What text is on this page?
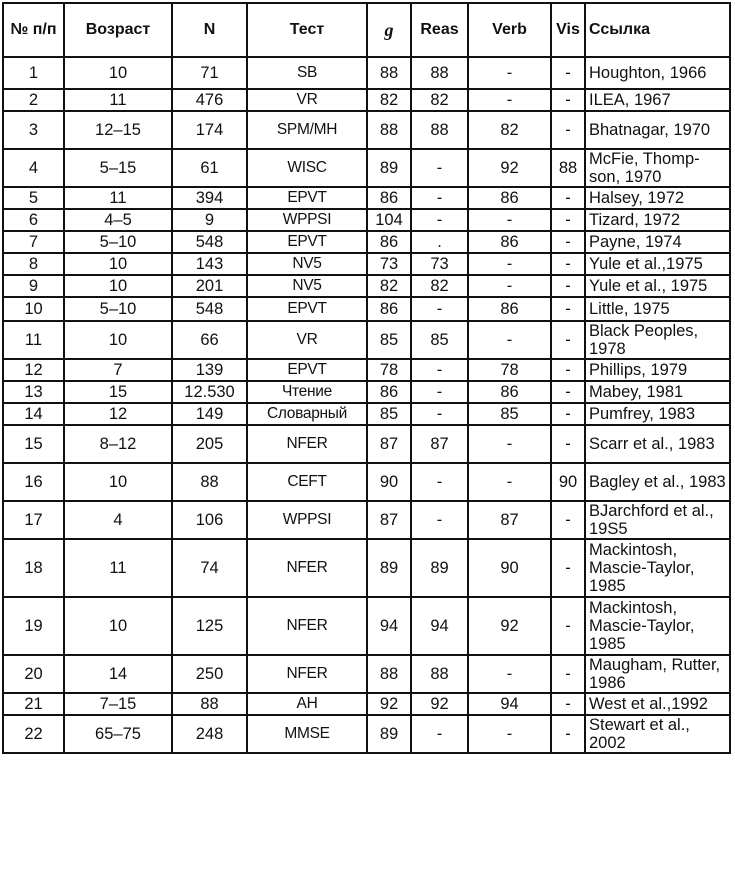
№ п/п	Возраст	N	Тест	g	Reas	Verb	Vis	Ссылка
1	10	71	SB	88	88	-	-	Houghton, 1966
2	11	476	VR	82	82	-	-	ILEA, 1967
3	12–15	174	SPM/MH	88	88	82	-	Bhatnagar, 1970
4	5–15	61	WISC	89	-	92	88	McFie, Thomp-son, 1970
5	11	394	EPVT	86	-	86	-	Halsey, 1972
6	4–5	9	WPPSI	104	-	-	-	Tizard, 1972
7	5–10	548	EPVT	86	.	86	-	Payne, 1974
8	10	143	NV5	73	73	-	-	Yule et al.,1975
9	10	201	NV5	82	82	-	-	Yule et al., 1975
10	5–10	548	EPVT	86	-	86	-	Little, 1975
11	10	66	VR	85	85	-	-	Black Peoples, 1978
12	7	139	EPVT	78	-	78	-	Phillips, 1979
13	15	12.530	Чтение	86	-	86	-	Mabey, 1981
14	12	149	Словарный	85	-	85	-	Pumfrey, 1983
15	8–12	205	NFER	87	87	-	-	Scarr et al., 1983
16	10	88	CEFT	90	-	-	90	Bagley et al., 1983
17	4	106	WPPSI	87	-	87	-	BJarchford et al., 19S5
18	11	74	NFER	89	89	90	-	Mackintosh, Mascie-Taylor, 1985
19	10	125	NFER	94	94	92	-	Mackintosh, Mascie-Taylor, 1985
20	14	250	NFER	88	88	-	-	Maugham, Rutter, 1986
21	7–15	88	AH	92	92	94	-	West et al.,1992
22	65–75	248	MMSE	89	-	-	-	Stewart et al., 2002
